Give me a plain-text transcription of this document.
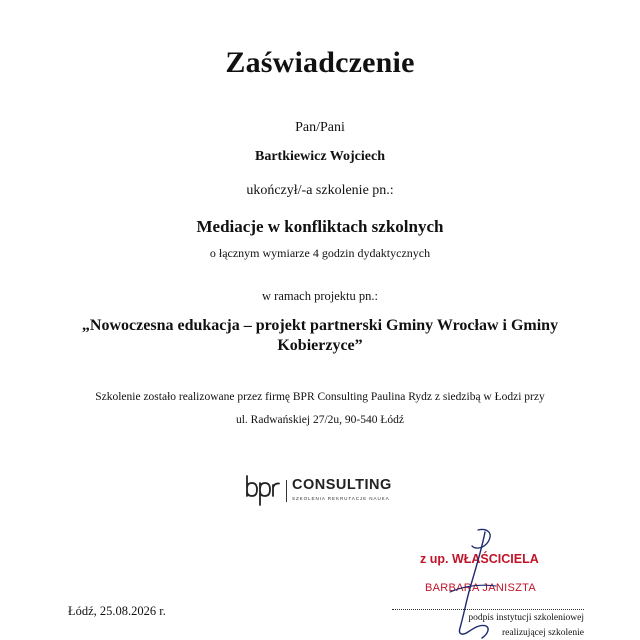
Zaświadczenie
Pan/Pani
Bartkiewicz Wojciech
ukończył/-a szkolenie pn.:
Mediacje w konfliktach szkolnych
o łącznym wymiarze 4 godzin dydaktycznych
w ramach projektu pn.:
„Nowoczesna edukacja – projekt partnerski Gminy Wrocław i Gminy Kobierzyce”
Szkolenie zostało realizowane przez firmę BPR Consulting Paulina Rydz z siedzibą w Łodzi przy
ul. Radwańskiej 27/2u, 90-540 Łódź
CONSULTING
SZKOLENIA REKRUTACJE NAUKA
z up. WŁAŚCICIELA
BARBARA JANISZTA
Łódź, 25.08.2026 r.	podpis instytucji szkoleniowej
realizującej szkolenie
